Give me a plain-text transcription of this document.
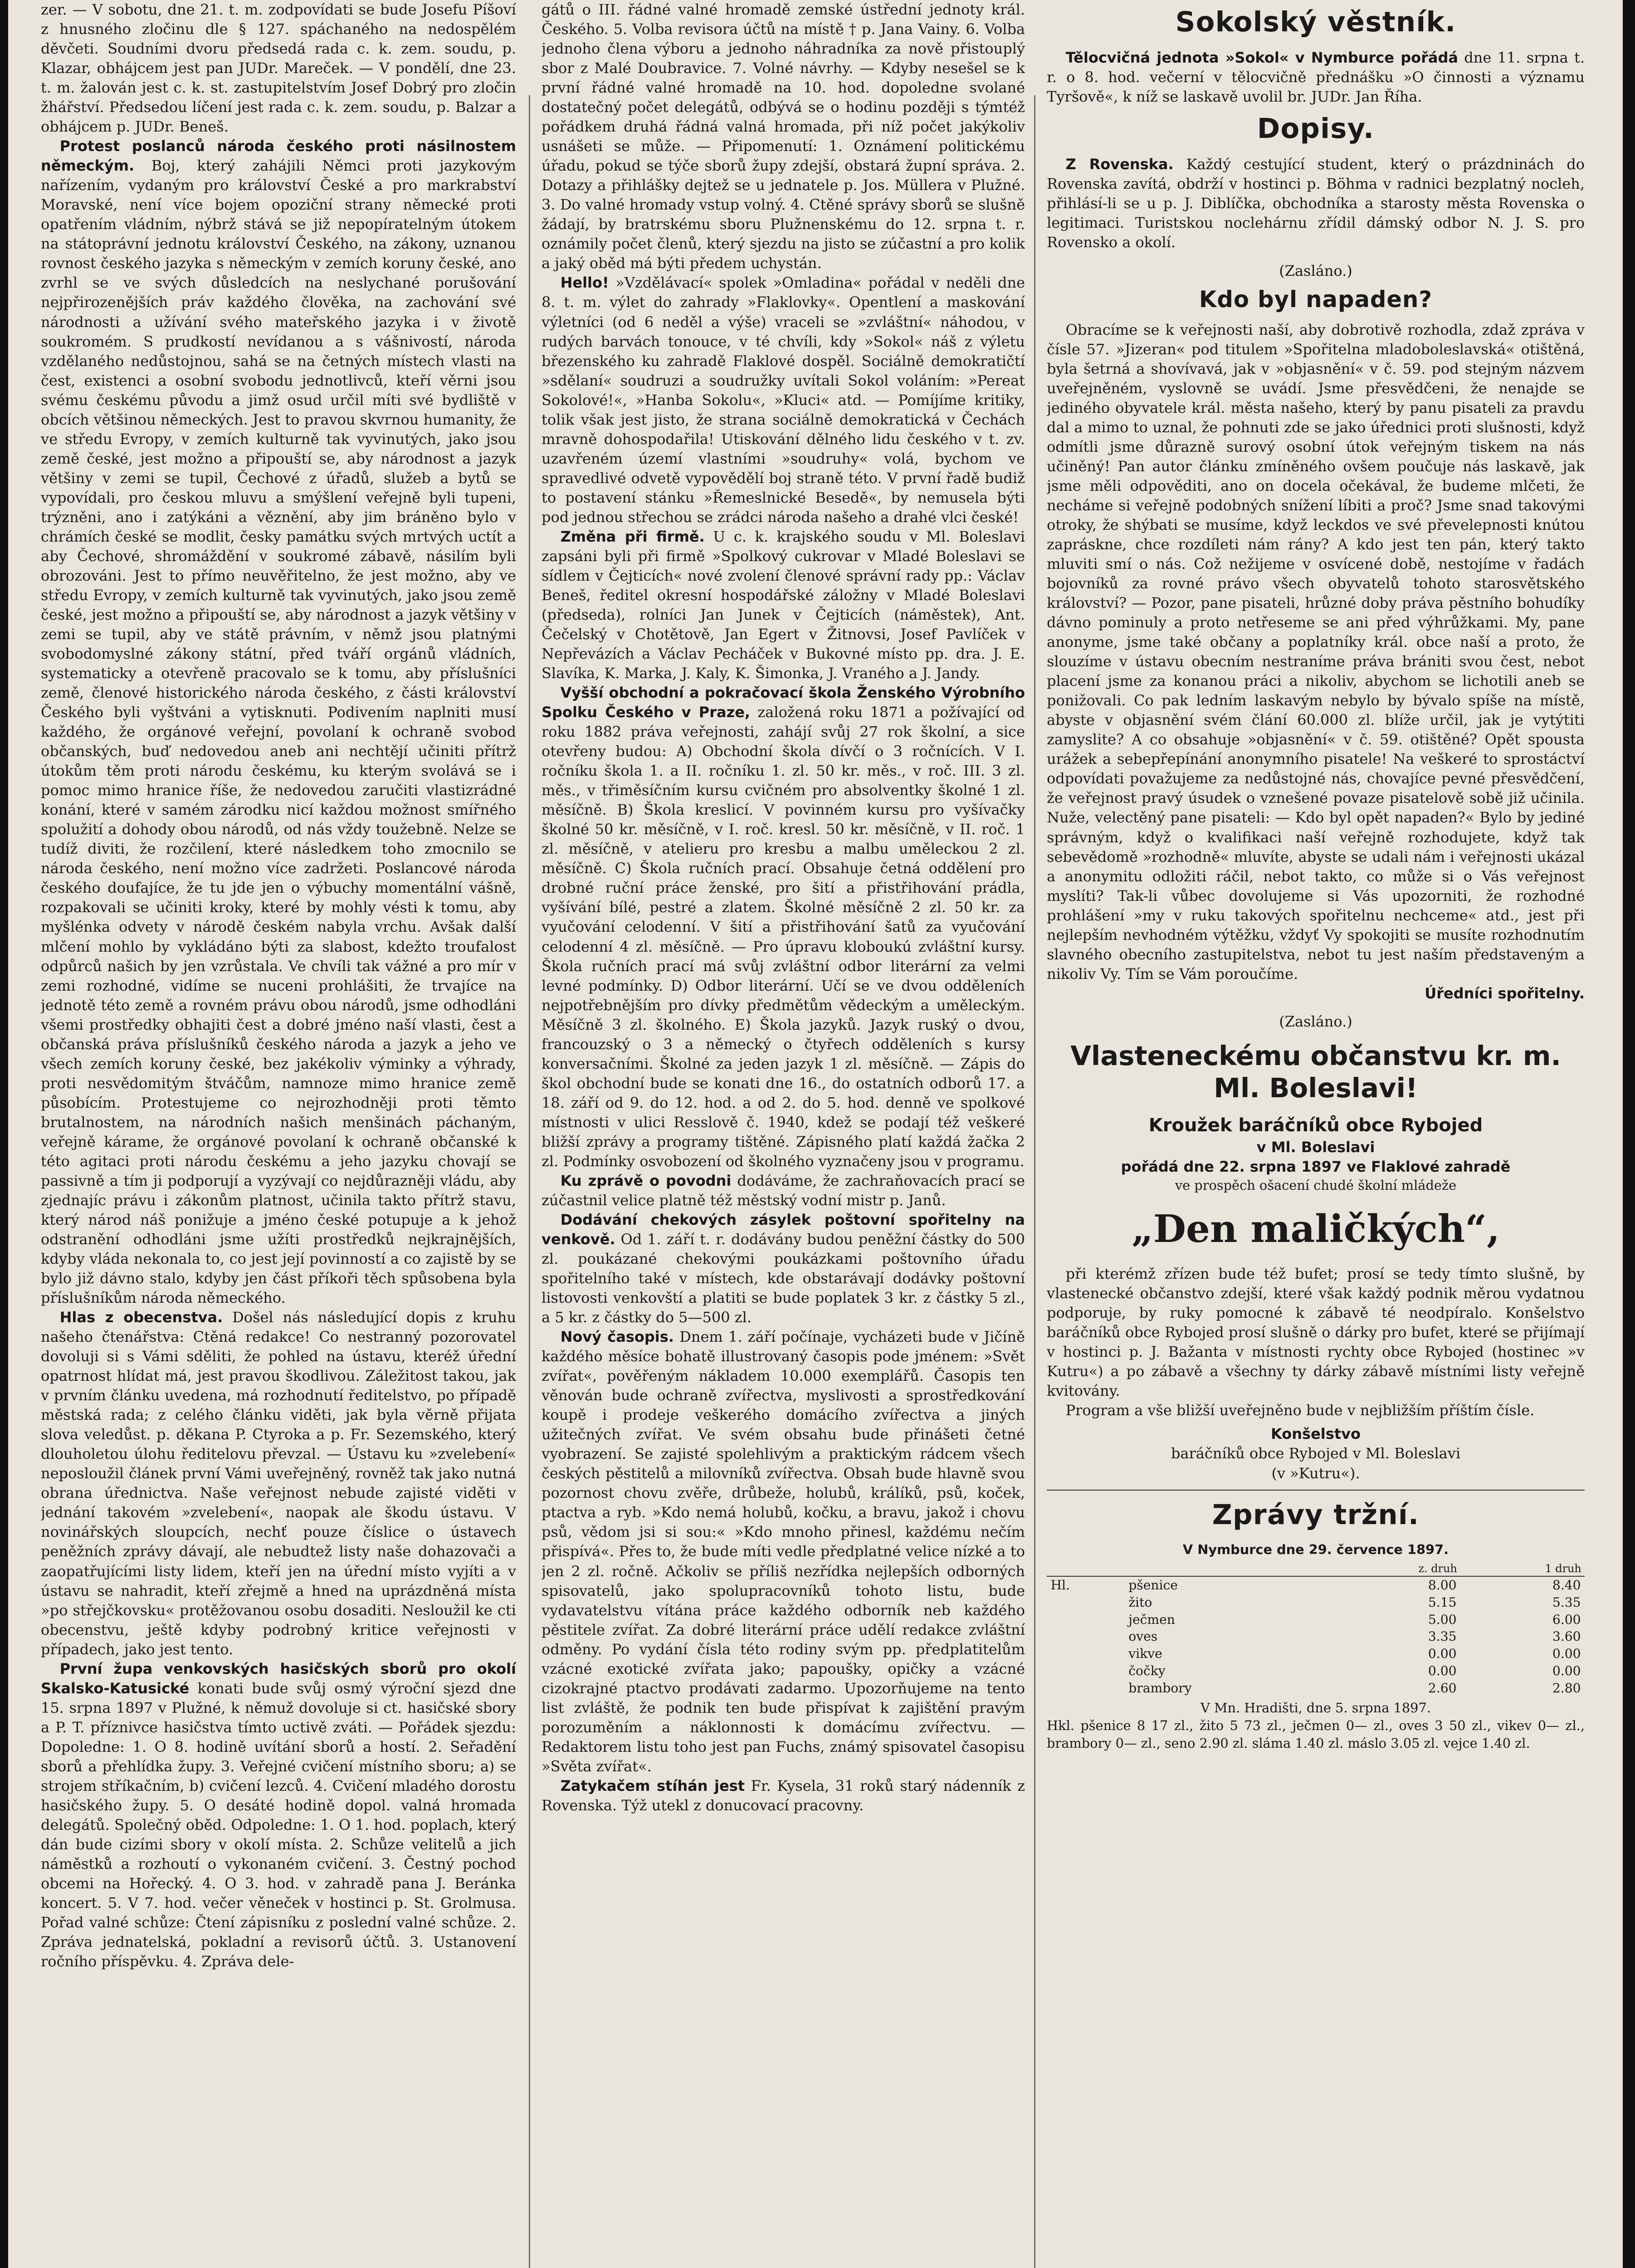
zer. — V sobotu, dne 21. t. m. zodpovídati se bude Josefu Píšoví z hnusného zločinu dle § 127. spáchaného na nedospělém děvčeti. Soudními dvoru předsedá rada c. k. zem. soudu, p. Klazar, obhájcem jest pan JUDr. Mareček. — V pondělí, dne 23. t. m. žalován jest c. k. st. zastupitelstvím Josef Dobrý pro zločin žhářství. Předsedou líčení jest rada c. k. zem. soudu, p. Balzar a obhájcem p. JUDr. Beneš.

Protest poslanců národa českého proti násilnostem německým. Boj, který zahájili Němci proti jazykovým nařízením, vydaným pro království České a pro markrabství Moravské, není více bojem opoziční strany německé proti opatřením vládním, nýbrž stává se již nepopíratelným útokem na státoprávní jednotu království Českého, na zákony, uznanou rovnost českého jazyka s německým v zemích koruny české, ano zvrhl se ve svých důsledcích na neslychané porušování nejpřirozenějších práv každého člověka, na zachování své národnosti a užívání svého mateřského jazyka i v životě soukromém. S prudkostí nevídanou a s vášnivostí, národa vzdělaného nedůstojnou, sahá se na četných místech vlasti na čest, existenci a osobní svobodu jednotlivců, kteří věrni jsou svému českému původu a jimž osud určil míti své bydliště v obcích většinou německých. Jest to pravou skvrnou humanity, že ve středu Evropy, v zemích kulturně tak vyvinutých, jako jsou země české, jest možno a připouští se, aby národnost a jazyk většiny v zemi se tupil, Čechové z úřadů, služeb a bytů se vypovídali, pro českou mluvu a smýšlení veřejně byli tupeni, trýzněni, ano i zatýkáni a věznění, aby jim bráněno bylo v chrámích české se modlit, česky památku svých mrtvých uctít a aby Čechové, shromáždění v soukromé zábavě, násilím byli obrozováni. Jest to přímo neuvěřitelno, že jest možno, aby ve středu Evropy, v zemích kulturně tak vyvinutých, jako jsou země české, jest možno a připouští se, aby národnost a jazyk většiny v zemi se tupil, aby ve státě právním, v němž jsou platnými svobodomyslné zákony státní, před tváří orgánů vládních, systematicky a otevřeně pracovalo se k tomu, aby příslušníci země, členové historického národa českého, z části království Českého byli vyštváni a vytisknuti. Podivením naplniti musí každého, že orgánové veřejní, povolaní k ochraně svobod občanských, buď nedovedou aneb ani nechtějí učiniti přítrž útokům těm proti národu českému, ku kterým svolává se i pomoc mimo hranice říše, že nedovedou zaručiti vlastizrádné konání, které v samém zárodku nicí každou možnost smířného spolužití a dohody obou národů, od nás vždy toužebně. Nelze se tudíž diviti, že rozčilení, které následkem toho zmocnilo se národa českého, není možno více zadržeti. Poslancové národa českého doufajíce, že tu jde jen o výbuchy momentální vášně, rozpakovali se učiniti kroky, které by mohly vésti k tomu, aby myšlénka odvety v národě českém nabyla vrchu. Avšak další mlčení mohlo by vykládáno býti za slabost, kdežto troufalost odpůrců našich by jen vzrůstala. Ve chvíli tak vážné a pro mír v zemi rozhodné, vidíme se nuceni prohlášiti, že trvajíce na jednotě této země a rovném právu obou národů, jsme odhodláni všemi prostředky obhajiti čest a dobré jméno naší vlasti, čest a občanská práva příslušníků českého národa a jazyk a jeho ve všech zemích koruny české, bez jakékoliv výminky a výhrady, proti nesvědomitým štváčům, namnoze mimo hranice země působícím. Protestujeme co nejrozhodněji proti těmto brutalnostem, na národních našich menšinách páchaným, veřejně kárame, že orgánové povolaní k ochraně občanské k této agitaci proti národu českému a jeho jazyku chovají se passivně a tím ji podporují a vyzývají co nejdůrazněji vládu, aby zjednajíc právu i zákonům platnost, učinila takto přítrž stavu, který národ náš ponižuje a jméno české potupuje a k jehož odstranění odhodláni jsme užíti prostředků nejkrajnějších, kdyby vláda nekonala to, co jest její povinností a co zajistě by se bylo již dávno stalo, kdyby jen část příkoři těch spůsobena byla příslušníkům národa německého.

Hlas z obecenstva. Došel nás následující dopis z kruhu našeho čtenářstva: Ctěná redakce! Co nestranný pozorovatel dovoluji si s Vámi sděliti, že pohled na ústavu, kteréž úřední opatrnost hlídat má, jest pravou škodlivou. Záležitost takou, jak v prvním článku uvedena, má rozhodnutí ředitelstvo, po případě městská rada; z celého článku viděti, jak byla věrně přijata slova veledůst. p. děkana P. Ctyroka a p. Fr. Sezemského, který dlouholetou úlohu ředitelovu převzal. — Ústavu ku »zvelebení« neposloužil článek první Vámi uveřejněný, rovněž tak jako nutná obrana úřednictva. Naše veřejnost nebude zajisté viděti v jednání takovém »zvelebení«, naopak ale škodu ústavu. V novinářských sloupcích, nechť pouze číslice o ústavech peněžních zprávy dávají, ale nebudtež listy naše dohazovači a zaopatřujícími listy lidem, kteří jen na úřední místo vyjíti a v ústavu se nahradit, kteří zřejmě a hned na uprázdněná místa »po střejčkovsku« protěžovanou osobu dosaditi. Nesloužil ke cti obecenstvu, ještě kdyby podrobný kritice veřejnosti v případech, jako jest tento.

První župa venkovských hasičských sborů pro okolí Skalsko-Katusické konati bude svůj osmý výroční sjezd dne 15. srpna 1897 v Plužné, k němuž dovoluje si ct. hasičské sbory a P. T. příznivce hasičstva tímto uctivě zváti. — Pořádek sjezdu: Dopoledne: 1. O 8. hodině uvítání sborů a hostí. 2. Seřadění sborů a přehlídka župy. 3. Veřejné cvičení místního sboru; a) se strojem stříkačním, b) cvičení lezců. 4. Cvičení mladého dorostu hasičského župy. 5. O desáté hodině dopol. valná hromada delegátů. Společný oběd. Odpoledne: 1. O 1. hod. poplach, který dán bude cizími sbory v okolí místa. 2. Schůze velitelů a jich náměstků a rozhoutí o vykonaném cvičení. 3. Čestný pochod obcemi na Hořecký. 4. O 3. hod. v zahradě pana J. Beránka koncert. 5. V 7. hod. večer věneček v hostinci p. St. Grolmusa. Pořad valné schůze: Čtení zápisníku z poslední valné schůze. 2. Zpráva jednatelská, pokladní a revisorů účtů. 3. Ustanovení ročního příspěvku. 4. Zpráva dele-

gátů o III. řádné valné hromadě zemské ústřední jednoty král. Českého. 5. Volba revisora účtů na místě † p. Jana Vainy. 6. Volba jednoho člena výboru a jednoho náhradníka za nově přistouplý sbor z Malé Doubravice. 7. Volné návrhy. — Kdyby nesešel se k první řádné valné hromadě na 10. hod. dopoledne svolané dostatečný počet delegátů, odbývá se o hodinu později s týmtéž pořádkem druhá řádná valná hromada, při níž počet jakýkoliv usnášeti se může. — Připomenutí: 1. Oznámení politickému úřadu, pokud se týče sborů župy zdejší, obstará župní správa. 2. Dotazy a přihlášky dejtež se u jednatele p. Jos. Müllera v Plužné. 3. Do valné hromady vstup volný. 4. Ctěné správy sborů se slušně žádají, by bratrskému sboru Plužnenskému do 12. srpna t. r. oznámily počet členů, který sjezdu na jisto se zúčastní a pro kolik a jaký oběd má býti předem uchystán.

Hello! »Vzdělávací« spolek »Omladina« pořádal v neděli dne 8. t. m. výlet do zahrady »Flaklovky«. Opentlení a maskování výletníci (od 6 neděl a výše) vraceli se »zvláštní« náhodou, v rudých barvách tonouce, v té chvíli, kdy »Sokol« náš z výletu březenského ku zahradě Flaklové dospěl. Sociálně demokratičtí »sdělaní« soudruzi a soudružky uvítali Sokol voláním: »Pereat Sokolové!«, »Hanba Sokolu«, »Kluci« atd. — Pomíjíme kritiky, tolik však jest jisto, že strana sociálně demokratická v Čechách mravně dohospodařila! Utiskování dělného lidu českého v t. zv. uzavřeném území vlastními »soudruhy« volá, bychom ve spravedlivé odvetě vypovědělí boj straně této. V první řadě budiž to postavení stánku »Řemeslnické Besedě«, by nemusela býti pod jednou střechou se zrádci národa našeho a drahé vlci české!

Změna při firmě. U c. k. krajského soudu v Ml. Boleslavi zapsáni byli při firmě »Spolkový cukrovar v Mladé Boleslavi se sídlem v Čejticích« nové zvolení členové správní rady pp.: Václav Beneš, ředitel okresní hospodářské záložny v Mladé Boleslavi (předseda), rolníci Jan Junek v Čejticích (náměstek), Ant. Čečelský v Chotětově, Jan Egert v Žitnovsi, Josef Pavlíček v Nepřevázích a Václav Pecháček v Bukovné místo pp. dra. J. E. Slavíka, K. Marka, J. Kaly, K. Šimonka, J. Vraného a J. Jandy.

Vyšší obchodní a pokračovací škola Ženského Výrobního Spolku Českého v Praze, založená roku 1871 a požívající od roku 1882 práva veřejnosti, zahájí svůj 27 rok školní, a sice otevřeny budou: A) Obchodní škola dívčí o 3 ročnících. V I. ročníku škola 1. a II. ročníku 1. zl. 50 kr. měs., v roč. III. 3 zl. měs., v třiměsíčním kursu cvičném pro absolventky školné 1 zl. měsíčně. B) Škola kreslicí. V povinném kursu pro vyšívačky školné 50 kr. měsíčně, v I. roč. kresl. 50 kr. měsíčně, v II. roč. 1 zl. měsíčně, v atelieru pro kresbu a malbu uměleckou 2 zl. měsíčně. C) Škola ručních prací. Obsahuje četná oddělení pro drobné ruční práce ženské, pro šití a přistřihování prádla, vyšívání bílé, pestré a zlatem. Školné měsíčně 2 zl. 50 kr. za vyučování celodenní. V šití a přistřihování šatů za vyučování celodenní 4 zl. měsíčně. — Pro úpravu kloboukú zvláštní kursy. Škola ručních prací má svůj zvláštní odbor literární za velmi levné podmínky. D) Odbor literární. Učí se ve dvou odděleních nejpotřebnějším pro dívky předmětům vědeckým a uměleckým. Měsíčně 3 zl. školného. E) Škola jazyků. Jazyk ruský o dvou, francouzský o 3 a německý o čtyřech odděleních s kursy konversačními. Školné za jeden jazyk 1 zl. měsíčně. — Zápis do škol obchodní bude se konati dne 16., do ostatních odborů 17. a 18. září od 9. do 12. hod. a od 2. do 5. hod. denně ve spolkové místnosti v ulici Resslově č. 1940, kdež se podají též veškeré bližší zprávy a programy tištěné. Zápisného platí každá žačka 2 zl. Podmínky osvobození od školného vyznačeny jsou v programu.

Ku zprávě o povodni dodáváme, že zachraňovacích prací se zúčastnil velice platně též městský vodní mistr p. Janů.

Dodávání chekových zásylek poštovní spořitelny na venkově. Od 1. září t. r. dodávány budou peněžní částky do 500 zl. poukázané chekovými poukázkami poštovního úřadu spořitelního také v místech, kde obstarávají dodávky poštovní listovosti venkovští a platiti se bude poplatek 3 kr. z částky 5 zl., a 5 kr. z částky do 5—500 zl.

Nový časopis. Dnem 1. září počínaje, vycházeti bude v Jičíně každého měsíce bohatě illustrovaný časopis pode jménem: »Svět zvířat«, pověřeným nákladem 10.000 exemplářů. Časopis ten věnován bude ochraně zvířectva, myslivosti a sprostředkování koupě i prodeje veškerého domácího zvířectva a jiných užitečných zvířat. Ve svém obsahu bude přinášeti četné vyobrazení. Se zajisté spolehlivým a praktickým rádcem všech českých pěstitelů a milovníků zvířectva. Obsah bude hlavně svou pozornost chovu zvěře, drůbeže, holubů, králíků, psů, koček, ptactva a ryb. »Kdo nemá holubů, kočku, a bravu, jakož i chovu psů, vědom jsi si sou:« »Kdo mnoho přinesl, každému nečím přispívá«. Přes to, že bude míti vedle předplatné velice nízké a to jen 2 zl. ročně. Ačkoliv se příliš nezřídka nejlepších odborných spisovatelů, jako spolupracovníků tohoto listu, bude vydavatelstvu vítána práce každého odborník neb každého pěstitele zvířat. Za dobré literární práce udělí redakce zvláštní odměny. Po vydání čísla této rodiny svým pp. předplatitelům vzácné exotické zvířata jako; papoušky, opičky a vzácné cizokrajné ptactvo prodávati zadarmo. Upozorňujeme na tento list zvláště, že podnik ten bude přispívat k zajištění pravým porozuměním a náklonnosti k domácímu zvířectvu. — Redaktorem listu toho jest pan Fuchs, známý spisovatel časopisu »Světa zvířat«.

Zatykačem stíhán jest Fr. Kysela, 31 roků starý nádenník z Rovenska. Týž utekl z donucovací pracovny.

Sokolský věstník.

Tělocvičná jednota »Sokol« v Nymburce pořádá dne 11. srpna t. r. o 8. hod. večerní v tělocvičně přednášku »O činnosti a významu Tyršově«, k níž se laskavě uvolil br. JUDr. Jan Říha.

Dopisy.

Z Rovenska. Každý cestující student, který o prázdninách do Rovenska zavítá, obdrží v hostinci p. Böhma v radnici bezplatný nocleh, přihlásí-li se u p. J. Diblíčka, obchodníka a starosty města Rovenska o legitimaci. Turistskou noclehárnu zřídil dámský odbor N. J. S. pro Rovensko a okolí.

(Zasláno.)
Kdo byl napaden?

Obracíme se k veřejnosti naší, aby dobrotivě rozhodla, zdaž zpráva v čísle 57. »Jizeran« pod titulem »Spořitelna mladoboleslavská« otištěná, byla šetrná a shovívavá, jak v »objasnění« v č. 59. pod stejným názvem uveřejněném, vyslovně se uvádí. Jsme přesvědčeni, že nenajde se jediného obyvatele král. města našeho, který by panu pisateli za pravdu dal a mimo to uznal, že pohnuti zde se jako úřednici proti slušnosti, když odmítli jsme důrazně surový osobní útok veřejným tiskem na nás učiněný! Pan autor článku zmíněného ovšem poučuje nás laskavě, jak jsme měli odpověditi, ano on docela očekával, že budeme mlčeti, že necháme si veřejně podobných snížení líbiti a proč? Jsme snad takovými otroky, že shýbati se musíme, když leckdos ve své převelepnosti knútou zapráskne, chce rozdíleti nám rány? A kdo jest ten pán, který takto mluviti smí o nás. Což nežijeme v osvícené době, nestojíme v řadách bojovníků za rovné právo všech obyvatelů tohoto starosvětského království? — Pozor, pane pisateli, hrůzné doby práva pěstního bohudíky dávno pominuly a proto netřeseme se ani před výhrůžkami. My, pane anonyme, jsme také občany a poplatníky král. obce naší a proto, že slouzíme v ústavu obecním nestraníme práva brániti svou čest, nebot placení jsme za konanou práci a nikoliv, abychom se lichotili aneb se ponižovali. Co pak ledním laskavým nebylo by bývalo spíše na místě, abyste v objasnění svém člání 60.000 zl. blíže určil, jak je vytýtiti zamyslite? A co obsahuje »objasnění« v č. 59. otištěné? Opět spousta urážek a sebepřepínání anonymního pisatele! Na veškeré to sprostáctví odpovídati považujeme za nedůstojné nás, chovajíce pevné přesvědčení, že veřejnost pravý úsudek o vznešené povaze pisatelově sobě již učinila. Nuže, velectěný pane pisateli: — Kdo byl opět napaden?« Bylo by jediné správným, když o kvalifikaci naší veřejně rozhodujete, když tak sebevědomě »rozhodně« mluvíte, abyste se udali nám i veřejnosti ukázal a anonymitu odložiti ráčil, nebot takto, co může si o Vás veřejnost myslíti? Tak-li vůbec dovolujeme si Vás upozorniti, že rozhodné prohlášení »my v ruku takových spořitelnu nechceme« atd., jest při nejlepším nevhodném výtěžku, vždyť Vy spokojiti se musíte rozhodnutím slavného obecního zastupitelstva, nebot tu jest naším představeným a nikoliv Vy. Tím se Vám poroučíme.

Úředníci spořitelny.

(Zasláno.)
Vlasteneckému občanstvu kr. m. Ml. Boleslavi!
Kroužek baráčníků obce Rybojed
v Ml. Boleslavi
pořádá dne 22. srpna 1897 ve Flaklové zahradě
ve prospěch ošacení chudé školní mládeže
„Den maličkých“,

při kterémž zřízen bude též bufet; prosí se tedy tímto slušně, by vlastenecké občanstvo zdejší, které však každý podnik měrou vydatnou podporuje, by ruky pomocné k zábavě té neodpíralo. Konšelstvo baráčníků obce Rybojed prosí slušně o dárky pro bufet, které se přijímají v hostinci p. J. Bažanta v místnosti rychty obce Rybojed (hostinec »v Kutru«) a po zábavě a všechny ty dárky zábavě místními listy veřejně kvitovány.

Program a vše bližší uveřejněno bude v nejbližším příštím čísle.

Konšelstvo
baráčníků obce Rybojed v Ml. Boleslavi
(v »Kutru«).
Zprávy tržní.
V Nymburce dne 29. července 1897.
		z. druh	1 druh
Hl.	pšenice	8.00	8.40
	žito	5.15	5.35
	ječmen	5.00	6.00
	oves	3.35	3.60
	vikve	0.00	0.00
	čočky	0.00	0.00
	brambory	2.60	2.80
V Mn. Hradišti, dne 5. srpna 1897.

Hkl. pšenice 8 17 zl., žito 5 73 zl., ječmen 0— zl., oves 3 50 zl., vikev 0— zl., brambory 0— zl., seno 2.90 zl. sláma 1.40 zl. máslo 3.05 zl. vejce 1.40 zl.
